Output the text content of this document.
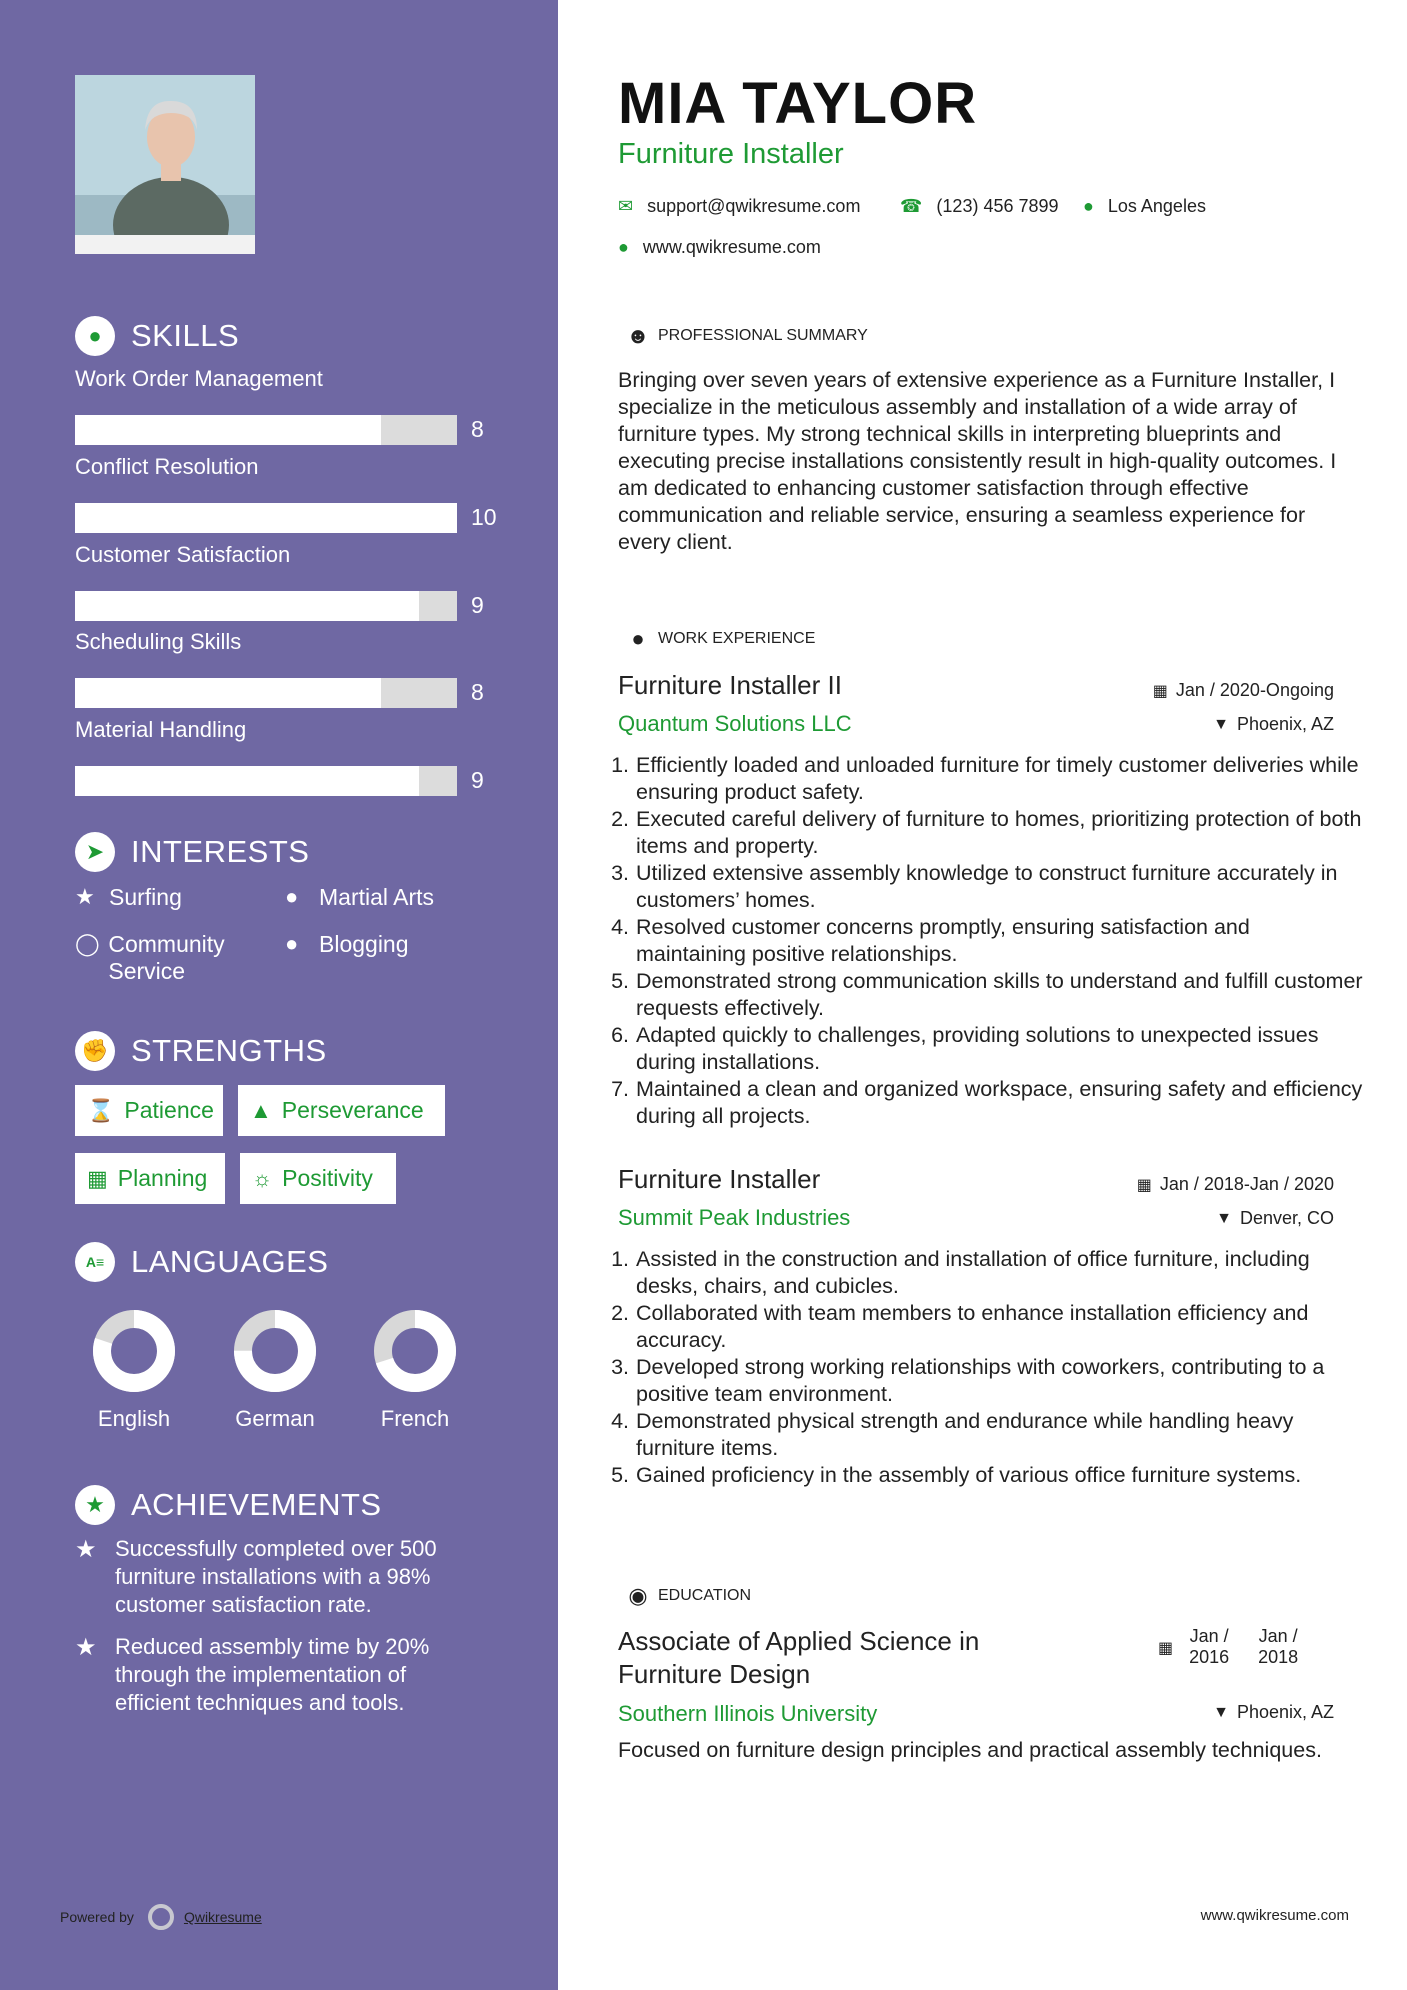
● SKILLS
Work Order Management
8
Conflict Resolution
10
Customer Satisfaction
9
Scheduling Skills
8
Material Handling
9
➤ INTERESTS
★ Surfing	● Martial Arts
◯ Community Service
● Blogging
✊ STRENGTHS
⌛ Patience ▲ Perseverance
▦ Planning ☼ Positivity
A≡ LANGUAGES
English	German	French
★ ACHIEVEMENTS
★ Successfully completed over 500 furniture installations with a 98% customer satisfaction rate.
★ Reduced assembly time by 20% through the implementation of efficient techniques and tools.
Powered by	Qwikresume
MIA TAYLOR
Furniture Installer
✉ support@qwikresume.com ☎ (123) 456 7899 ● Los Angeles
● www.qwikresume.com
☻ PROFESSIONAL SUMMARY
Bringing over seven years of extensive experience as a Furniture Installer, I specialize in the meticulous assembly and installation of a wide array of furniture types. My strong technical skills in interpreting blueprints and executing precise installations consistently result in high-quality outcomes. I am dedicated to enhancing customer satisfaction through effective communication and reliable service, ensuring a seamless experience for every client.
● WORK EXPERIENCE
Furniture Installer II	▦ Jan / 2020-Ongoing
Quantum Solutions LLC	▼ Phoenix, AZ
1. Efficiently loaded and unloaded furniture for timely customer deliveries while ensuring product safety.
2. Executed careful delivery of furniture to homes, prioritizing protection of both items and property.
3. Utilized extensive assembly knowledge to construct furniture accurately in customers’ homes.
4. Resolved customer concerns promptly, ensuring satisfaction and maintaining positive relationships.
5. Demonstrated strong communication skills to understand and fulfill customer requests effectively.
6. Adapted quickly to challenges, providing solutions to unexpected issues during installations.
7. Maintained a clean and organized workspace, ensuring safety and efficiency during all projects.
Furniture Installer	▦ Jan / 2018-Jan / 2020
Summit Peak Industries	▼ Denver, CO
1. Assisted in the construction and installation of office furniture, including desks, chairs, and cubicles.
2. Collaborated with team members to enhance installation efficiency and accuracy.
3. Developed strong working relationships with coworkers, contributing to a positive team environment.
4. Demonstrated physical strength and endurance while handling heavy furniture items.
5. Gained proficiency in the assembly of various office furniture systems.
◉ EDUCATION
Associate of Applied Science in
Furniture Design
▦
Jan /
2016
Jan /
2018
Southern Illinois University	▼ Phoenix, AZ
Focused on furniture design principles and practical assembly techniques.
www.qwikresume.com
